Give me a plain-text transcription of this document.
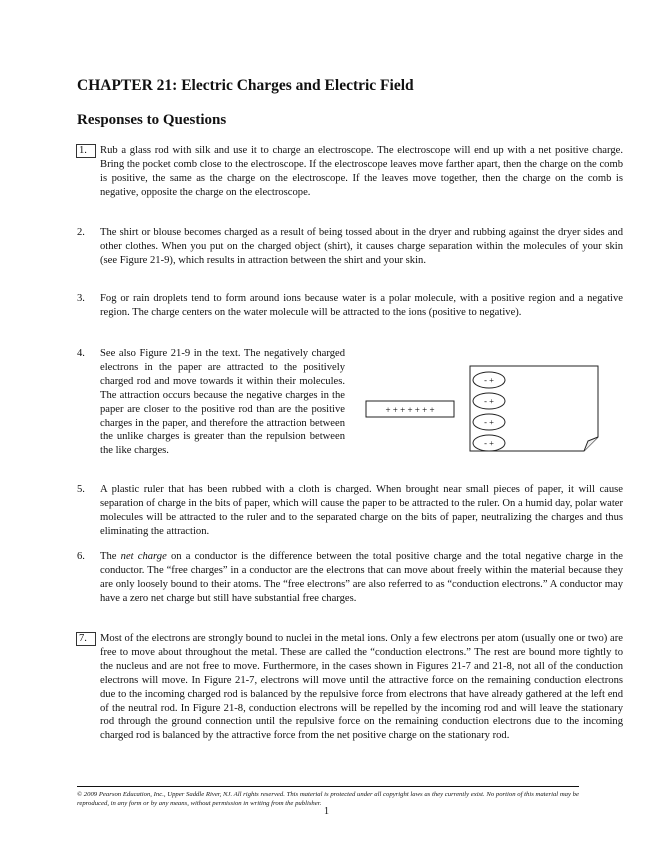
CHAPTER 21: Electric Charges and Electric Field
Responses to Questions
1.	Rub a glass rod with silk and use it to charge an electroscope. The electroscope will end up with a net positive charge. Bring the pocket comb close to the electroscope. If the electroscope leaves move farther apart, then the charge on the comb is positive, the same as the charge on the electroscope. If the leaves move together, then the charge on the comb is negative, opposite the charge on the electroscope.

2.	The shirt or blouse becomes charged as a result of being tossed about in the dryer and rubbing against the dryer sides and other clothes. When you put on the charged object (shirt), it causes charge separation within the molecules of your skin (see Figure 21-9), which results in attraction between the shirt and your skin.

3.	Fog or rain droplets tend to form around ions because water is a polar molecule, with a positive region and a negative region. The charge centers on the water molecule will be attracted to the ions (positive to negative).

4.	See also Figure 21-9 in the text. The negatively charged electrons in the paper are attracted to the positively charged rod and move towards it within their molecules. The attraction occurs because the negative charges in the paper are closer to the positive rod than are the positive charges in the paper, and therefore the attraction between the unlike charges is greater than the repulsion between the like charges.

+ + + + + + +
- +
- +
- +
- +
5.	A plastic ruler that has been rubbed with a cloth is charged. When brought near small pieces of paper, it will cause separation of charge in the bits of paper, which will cause the paper to be attracted to the ruler. On a humid day, polar water molecules will be attracted to the ruler and to the separated charge on the bits of paper, neutralizing the charges and thus eliminating the attraction.

6.	The net charge on a conductor is the difference between the total positive charge and the total negative charge in the conductor. The “free charges” in a conductor are the electrons that can move about freely within the material because they are only loosely bound to their atoms. The “free electrons” are also referred to as “conduction electrons.” A conductor may have a zero net charge but still have substantial free charges.

7.	Most of the electrons are strongly bound to nuclei in the metal ions. Only a few electrons per atom (usually one or two) are free to move about throughout the metal. These are called the “conduction electrons.” The rest are bound more tightly to the nucleus and are not free to move. Furthermore, in the cases shown in Figures 21-7 and 21-8, not all of the conduction electrons will move. In Figure 21-7, electrons will move until the attractive force on the remaining conduction electrons due to the incoming charged rod is balanced by the repulsive force from electrons that have already gathered at the left end of the neutral rod. In Figure 21-8, conduction electrons will be repelled by the incoming rod and will leave the stationary rod through the ground connection until the repulsive force on the remaining conduction electrons due to the incoming charged rod is balanced by the attractive force from the net positive charge on the stationary rod.

© 2009 Pearson Education, Inc., Upper Saddle River, NJ. All rights reserved. This material is protected under all copyright laws as they currently exist. No portion of this material may be reproduced, in any form or by any means, without permission in writing from the publisher.
1
